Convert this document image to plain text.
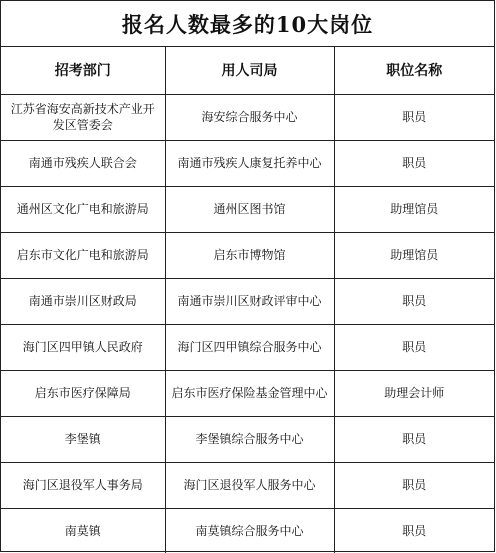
报名人数最多的10大岗位
招考部门	用人司局	职位名称
江苏省海安高新技术产业开发区管委会	海安综合服务中心	职员
南通市残疾人联合会	南通市残疾人康复托养中心	职员
通州区文化广电和旅游局	通州区图书馆	助理馆员
启东市文化广电和旅游局	启东市博物馆	助理馆员
南通市崇川区财政局	南通市崇川区财政评审中心	职员
海门区四甲镇人民政府	海门区四甲镇综合服务中心	职员
启东市医疗保障局	启东市医疗保险基金管理中心	助理会计师
李堡镇	李堡镇综合服务中心	职员
海门区退役军人事务局	海门区退役军人服务中心	职员
南莫镇	南莫镇综合服务中心	职员
